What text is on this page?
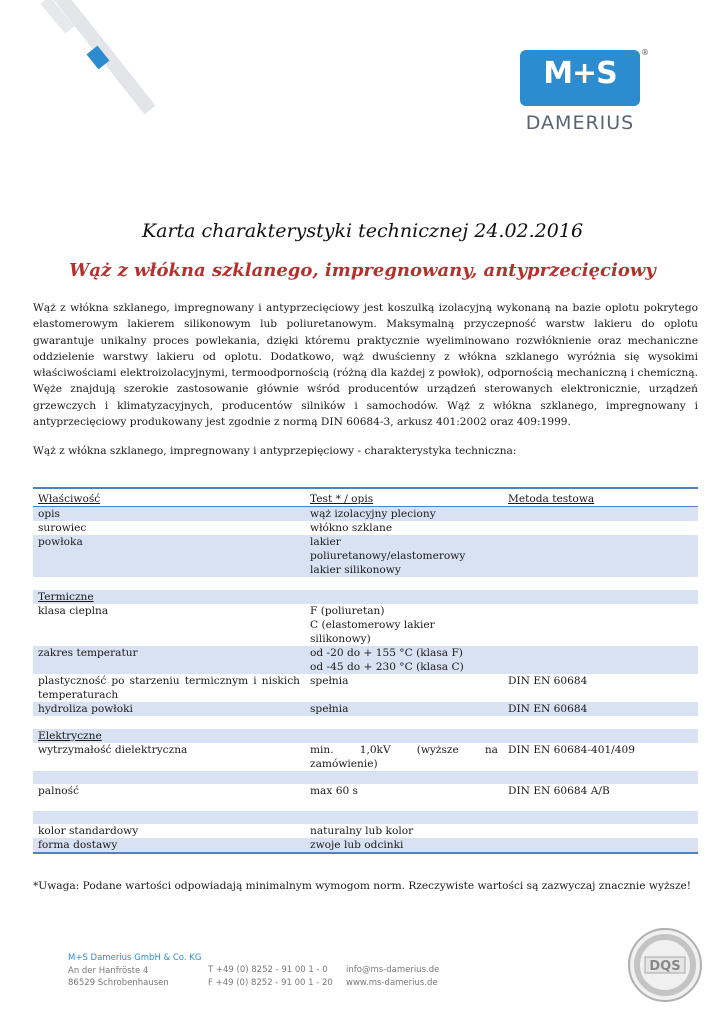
M+S
®
DAMERIUS
Karta charakterystyki technicznej 24.02.2016
Wąż z włókna szklanego, impregnowany, antyprzecięciowy
Wąż z włókna szklanego, impregnowany i antyprzecięciowy jest koszulką izolacyjną wykonaną na bazie oplotu pokrytego elastomerowym lakierem silikonowym lub poliuretanowym. Maksymalną przyczepność warstw lakieru do oplotu gwarantuje unikalny proces powlekania, dzięki któremu praktycznie wyeliminowano rozwłóknienie oraz mechaniczne oddzielenie warstwy lakieru od oplotu. Dodatkowo, wąż dwuścienny z włókna szklanego wyróżnia się wysokimi właściwościami elektroizolacyjnymi, termoodpornością (różną dla każdej z powłok), odpornością mechaniczną i chemiczną. Węże znajdują szerokie zastosowanie głównie wśród producentów urządzeń sterowanych elektronicznie, urządzeń grzewczych i klimatyzacyjnych, producentów silników i samochodów. Wąż z włókna szklanego, impregnowany i antyprzecięciowy produkowany jest zgodnie z normą DIN 60684-3, arkusz 401:2002 oraz 409:1999.
Wąż z włókna szklanego, impregnowany i antyprzepięciowy - charakterystyka techniczna:
Właściwość	Test * / opis	Metoda testowa
opis	wąż izolacyjny pleciony	
surowiec	włókno szklane	
powłoka	lakier
poliuretanowy/elastomerowy
lakier silikonowy	

Termiczne		
klasa cieplna	F (poliuretan)
C (elastomerowy lakier silikonowy)	

zakres temperatur	od -20 do + 155 °C (klasa F)
od -45 do + 230 °C (klasa C)	

plastyczność po starzeniu termicznym i niskich temperaturach	spełnia	DIN EN 60684
hydroliza powłoki	spełnia	DIN EN 60684

Elektryczne		
wytrzymałość dielektryczna	min. 1,0kV (wyższe na zamówienie)	DIN EN 60684-401/409

palność	max 60 s	DIN EN 60684 A/B

kolor standardowy	naturalny lub kolor	
forma dostawy	zwoje lub odcinki	
*Uwaga: Podane wartości odpowiadają minimalnym wymogom norm. Rzeczywiste wartości są zazwyczaj znacznie wyższe!
M+S Damerius GmbH & Co. KG
An der Hanfröste 4
86529 Schrobenhausen
T +49 (0) 8252 - 91 00 1 - 0
F +49 (0) 8252 - 91 00 1 - 20
info@ms-damerius.de
www.ms-damerius.de
DQS
